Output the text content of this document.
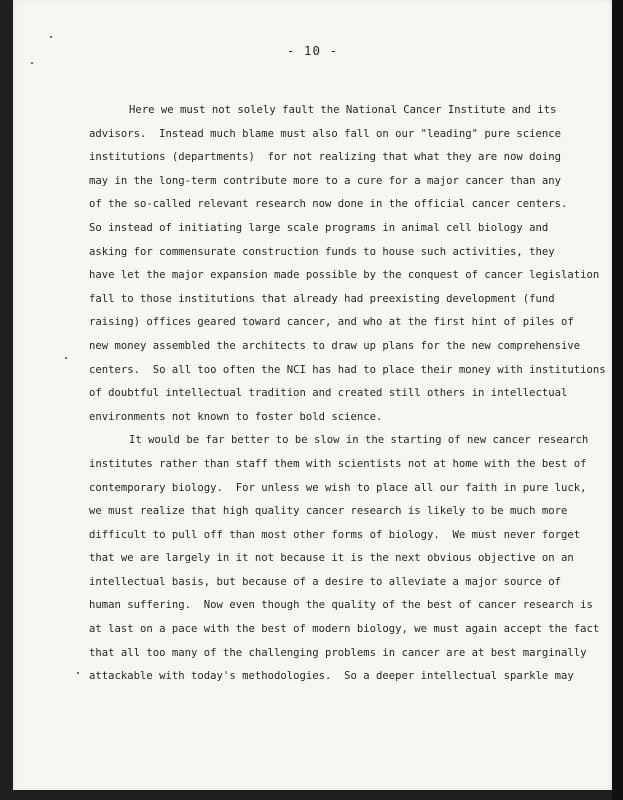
- 10 -
Here we must not solely fault the National Cancer Institute and its
advisors.  Instead much blame must also fall on our "leading" pure science
institutions (departments)  for not realizing that what they are now doing
may in the long-term contribute more to a cure for a major cancer than any
of the so-called relevant research now done in the official cancer centers.
So instead of initiating large scale programs in animal cell biology and
asking for commensurate construction funds to house such activities, they
have let the major expansion made possible by the conquest of cancer legislation
fall to those institutions that already had preexisting development (fund
raising) offices geared toward cancer, and who at the first hint of piles of
new money assembled the architects to draw up plans for the new comprehensive
centers.  So all too often the NCI has had to place their money with institutions
of doubtful intellectual tradition and created still others in intellectual
environments not known to foster bold science.
It would be far better to be slow in the starting of new cancer research
institutes rather than staff them with scientists not at home with the best of
contemporary biology.  For unless we wish to place all our faith in pure luck,
we must realize that high quality cancer research is likely to be much more
difficult to pull off than most other forms of biology.  We must never forget
that we are largely in it not because it is the next obvious objective on an
intellectual basis, but because of a desire to alleviate a major source of
human suffering.  Now even though the quality of the best of cancer research is
at last on a pace with the best of modern biology, we must again accept the fact
that all too many of the challenging problems in cancer are at best marginally
attackable with today's methodologies.  So a deeper intellectual sparkle may
